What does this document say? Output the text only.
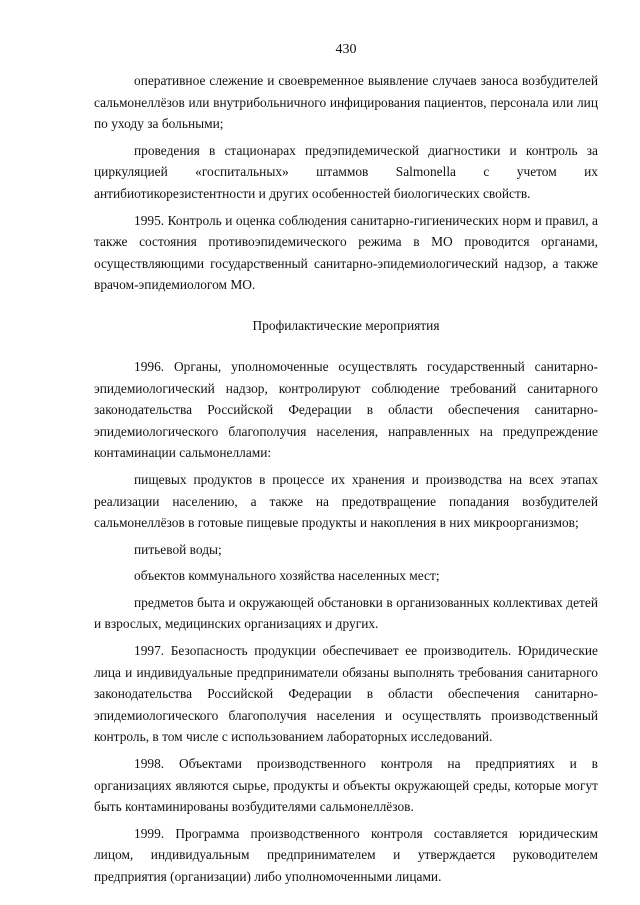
430

оперативное слежение и своевременное выявление случаев заноса возбудителей сальмонеллёзов или внутрибольничного инфицирования пациентов, персонала или лиц по уходу за больными;

проведения в стационарах предэпидемической диагностики и контроль за циркуляцией «госпитальных» штаммов Salmonella с учетом их антибиотикорезистентности и других особенностей биологических свойств.

1995. Контроль и оценка соблюдения санитарно-гигиенических норм и правил, а также состояния противоэпидемического режима в МО проводится органами, осуществляющими государственный санитарно-эпидемиологический надзор, а также врачом-эпидемиологом МО.

Профилактические мероприятия

1996. Органы, уполномоченные осуществлять государственный санитарно-эпидемиологический надзор, контролируют соблюдение требований санитарного законодательства Российской Федерации в области обеспечения санитарно-эпидемиологического благополучия населения, направленных на предупреждение контаминации сальмонеллами:

пищевых продуктов в процессе их хранения и производства на всех этапах реализации населению, а также на предотвращение попадания возбудителей сальмонеллёзов в готовые пищевые продукты и накопления в них микроорганизмов;

питьевой воды;

объектов коммунального хозяйства населенных мест;

предметов быта и окружающей обстановки в организованных коллективах детей и взрослых, медицинских организациях и других.

1997. Безопасность продукции обеспечивает ее производитель. Юридические лица и индивидуальные предприниматели обязаны выполнять требования санитарного законодательства Российской Федерации в области обеспечения санитарно-эпидемиологического благополучия населения и осуществлять производственный контроль, в том числе с использованием лабораторных исследований.

1998. Объектами производственного контроля на предприятиях и в организациях являются сырье, продукты и объекты окружающей среды, которые могут быть контаминированы возбудителями сальмонеллёзов.

1999. Программа производственного контроля составляется юридическим лицом, индивидуальным предпринимателем и утверждается руководителем предприятия (организации) либо уполномоченными лицами.
